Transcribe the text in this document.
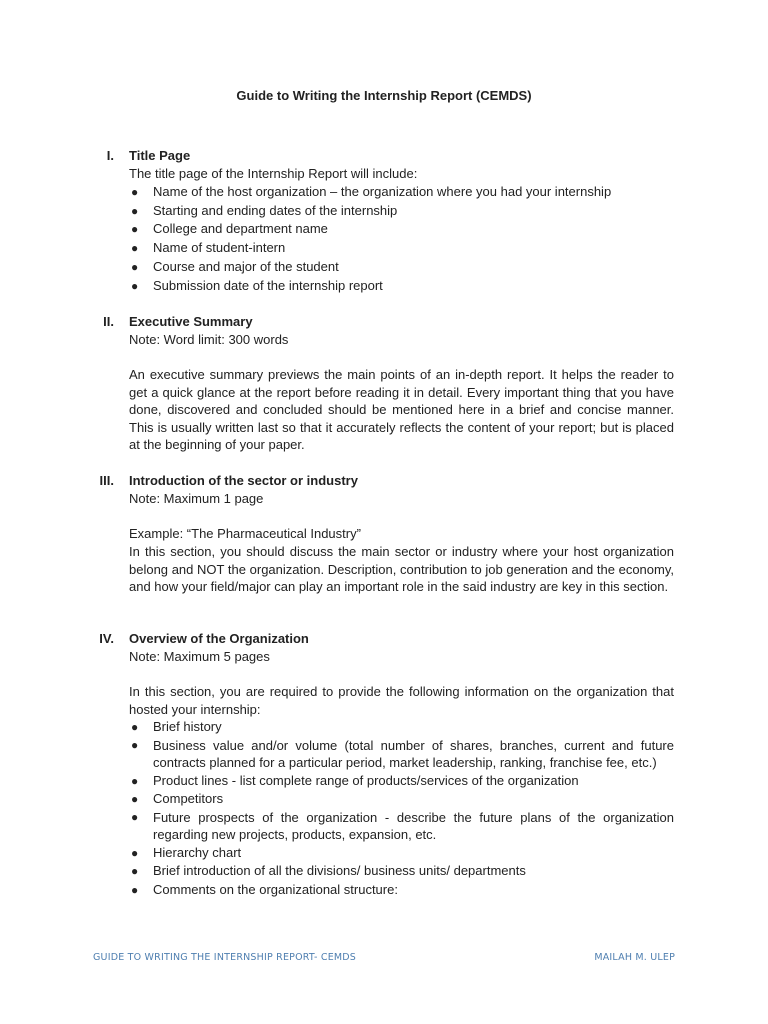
Guide to Writing the Internship Report (CEMDS)
I. Title Page

The title page of the Internship Report will include:

● Name of the host organization – the organization where you had your internship
● Starting and ending dates of the internship
● College and department name
● Name of student-intern
● Course and major of the student
● Submission date of the internship report
II. Executive Summary

Note: Word limit: 300 words

An executive summary previews the main points of an in-depth report. It helps the reader to get a quick glance at the report before reading it in detail. Every important thing that you have done, discovered and concluded should be mentioned here in a brief and concise manner. This is usually written last so that it accurately reflects the content of your report; but is placed at the beginning of your paper.

III. Introduction of the sector or industry

Note: Maximum 1 page

Example: “The Pharmaceutical Industry”

In this section, you should discuss the main sector or industry where your host organization belong and NOT the organization. Description, contribution to job generation and the economy, and how your field/major can play an important role in the said industry are key in this section.

IV. Overview of the Organization

Note: Maximum 5 pages

In this section, you are required to provide the following information on the organization that hosted your internship:

● Brief history
● Business value and/or volume (total number of shares, branches, current and future contracts planned for a particular period, market leadership, ranking, franchise fee, etc.)
● Product lines - list complete range of products/services of the organization
● Competitors
● Future prospects of the organization - describe the future plans of the organization regarding new projects, products, expansion, etc.
● Hierarchy chart
● Brief introduction of all the divisions/ business units/ departments
● Comments on the organizational structure:
GUIDE TO WRITING THE INTERNSHIP REPORT- CEMDS	MAILAH M. ULEP
